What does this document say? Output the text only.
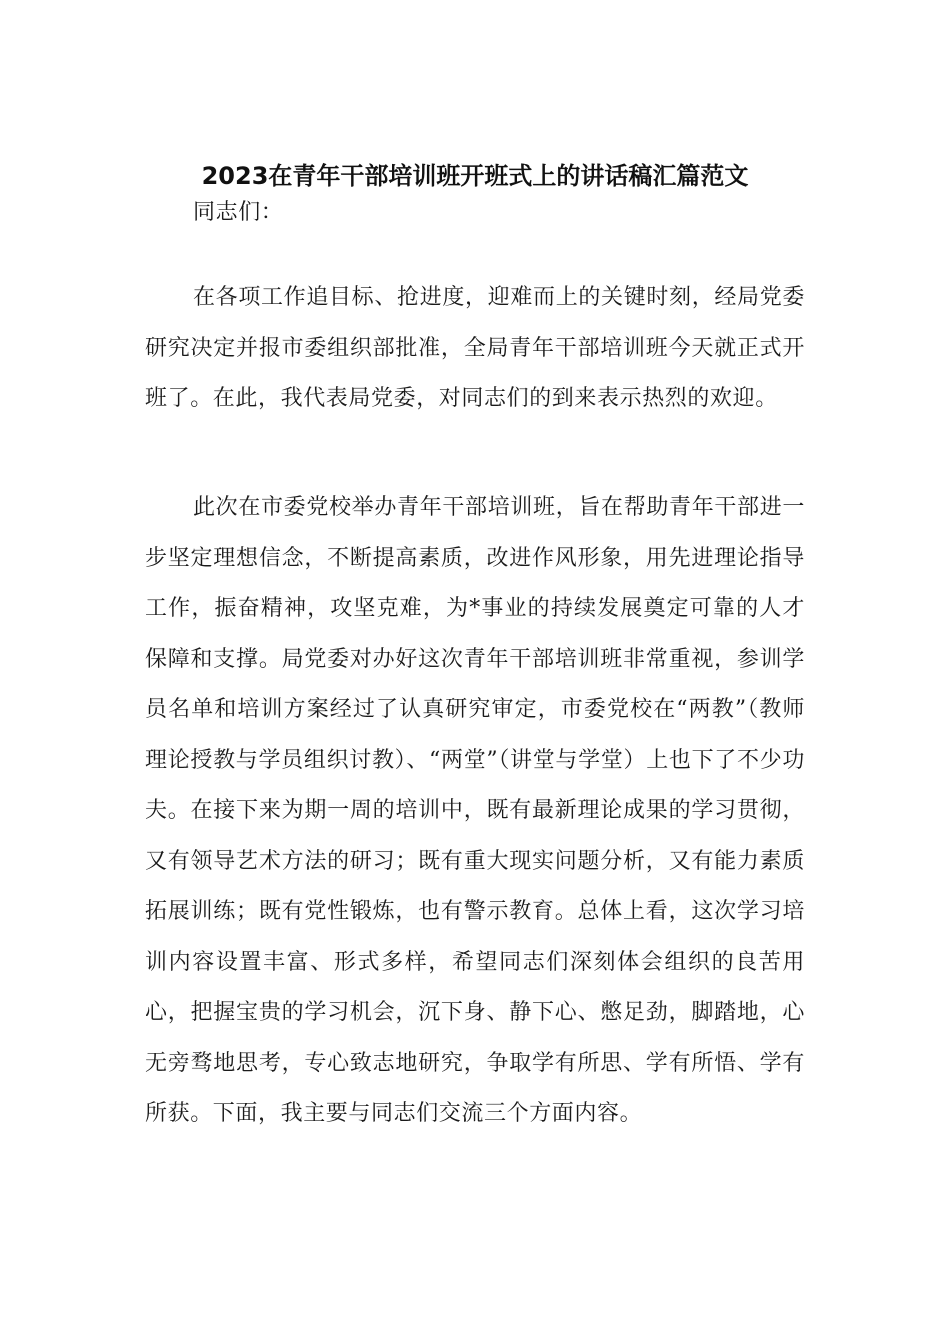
2023在青年干部培训班开班式上的讲话稿汇篇范文
同志们：
在各项工作追目标、抢进度，迎难而上的关键时刻，经局党委研究决定并报市委组织部批准，全局青年干部培训班今天就正式开班了。在此，我代表局党委，对同志们的到来表示热烈的欢迎。
此次在市委党校举办青年干部培训班，旨在帮助青年干部进一步坚定理想信念，不断提高素质，改进作风形象，用先进理论指导工作，振奋精神，攻坚克难，为*事业的持续发展奠定可靠的人才保障和支撑。局党委对办好这次青年干部培训班非常重视，参训学员名单和培训方案经过了认真研究审定，市委党校在“两教”（教师理论授教与学员组织讨教）、“两堂”（讲堂与学堂）上也下了不少功夫。在接下来为期一周的培训中，既有最新理论成果的学习贯彻，又有领导艺术方法的研习；既有重大现实问题分析，又有能力素质拓展训练；既有党性锻炼，也有警示教育。总体上看，这次学习培训内容设置丰富、形式多样，希望同志们深刻体会组织的良苦用心，把握宝贵的学习机会，沉下身、静下心、憋足劲，脚踏地，心无旁骛地思考，专心致志地研究，争取学有所思、学有所悟、学有所获。下面，我主要与同志们交流三个方面内容。
